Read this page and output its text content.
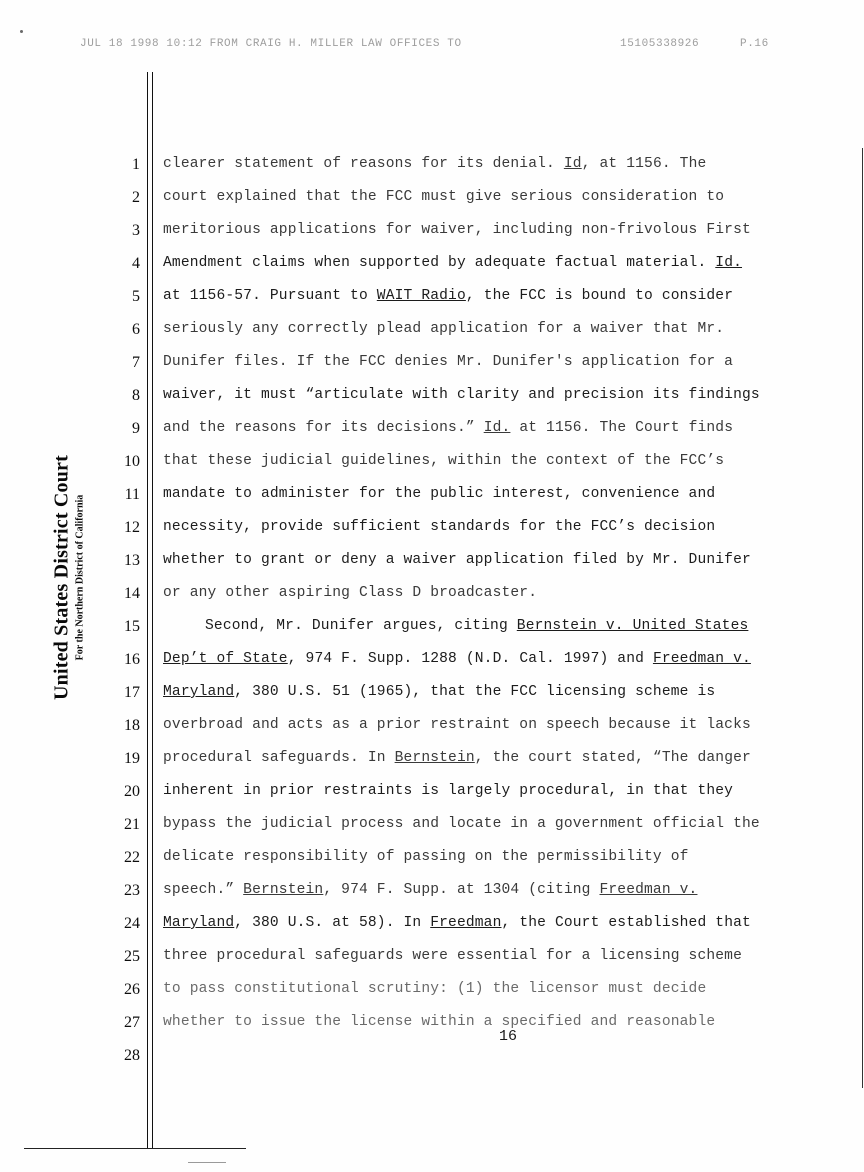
JUL 18 1998 10:12 FROM CRAIG H. MILLER LAW OFFICES TO	15105338926	P.16
United States District Court For the Northern District of California
1
2
3
4
5
6
7
8
9
10
11
12
13
14
15
16
17
18
19
20
21
22
23
24
25
26
27
28
clearer statement of reasons for its denial. Id, at 1156. The
court explained that the FCC must give serious consideration to
meritorious applications for waiver, including non-frivolous First
Amendment claims when supported by adequate factual material. Id.
at 1156-57. Pursuant to WAIT Radio, the FCC is bound to consider
seriously any correctly plead application for a waiver that Mr.
Dunifer files. If the FCC denies Mr. Dunifer's application for a
waiver, it must “articulate with clarity and precision its findings
and the reasons for its decisions.” Id. at 1156. The Court finds
that these judicial guidelines, within the context of the FCC’s
mandate to administer for the public interest, convenience and
necessity, provide sufficient standards for the FCC’s decision
whether to grant or deny a waiver application filed by Mr. Dunifer
or any other aspiring Class D broadcaster.
Second, Mr. Dunifer argues, citing Bernstein v. United States
Dep’t of State, 974 F. Supp. 1288 (N.D. Cal. 1997) and Freedman v.
Maryland, 380 U.S. 51 (1965), that the FCC licensing scheme is
overbroad and acts as a prior restraint on speech because it lacks
procedural safeguards. In Bernstein, the court stated, “The danger
inherent in prior restraints is largely procedural, in that they
bypass the judicial process and locate in a government official the
delicate responsibility of passing on the permissibility of
speech.” Bernstein, 974 F. Supp. at 1304 (citing Freedman v.
Maryland, 380 U.S. at 58). In Freedman, the Court established that
three procedural safeguards were essential for a licensing scheme
to pass constitutional scrutiny: (1) the licensor must decide
whether to issue the license within a specified and reasonable
16
